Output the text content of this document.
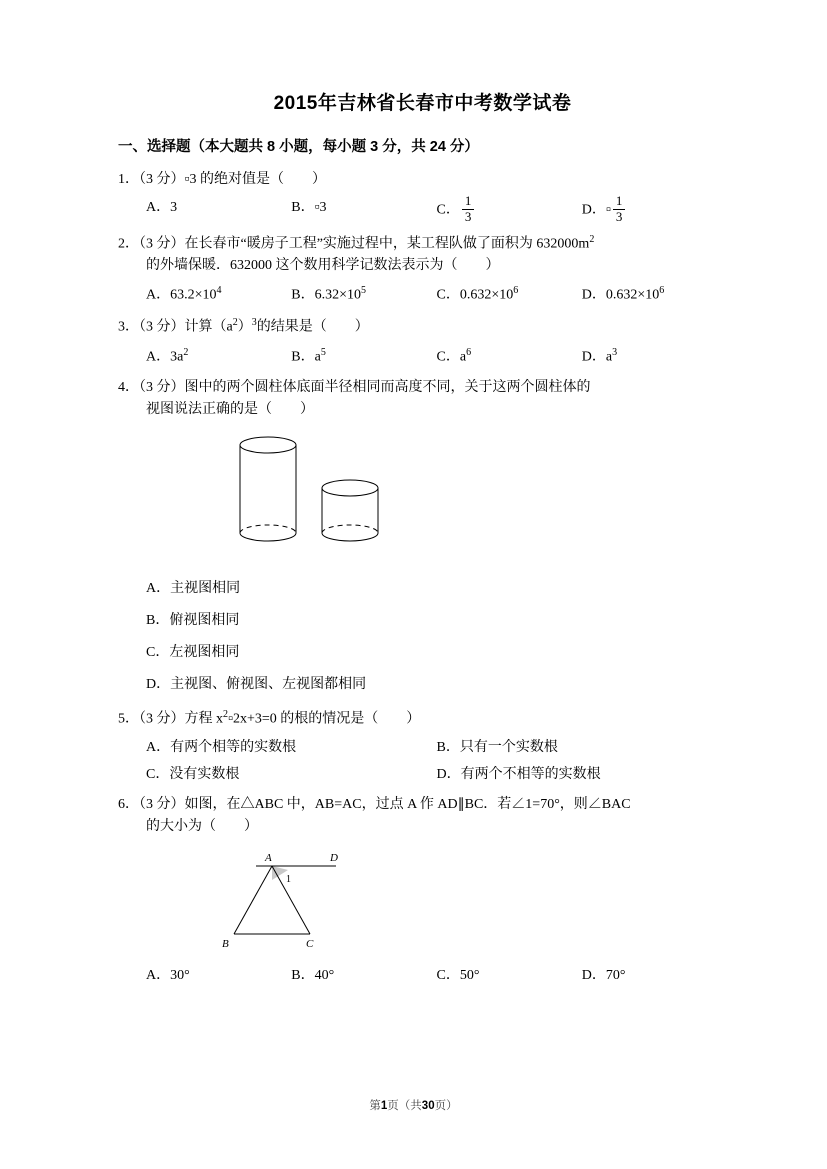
2015年吉林省长春市中考数学试卷
一、选择题（本大题共 8 小题，每小题 3 分，共 24 分）
1．（3 分）▫3 的绝对值是（　　）
A．3	B．▫3	C． $\frac{1}{3}$	D．▫ $\frac{1}{3}$
2．（3 分）在长春市“暖房子工程”实施过程中，某工程队做了面积为 $632000m^2$
的外墙保暖．632000 这个数用科学记数法表示为（　　）
A．$63.2\times 10^4$	B．$6.32\times 10^5$	C．$0.632\times 10^6$	D．$0.632\times 10^6$
3．（3 分）计算$(a^2)^3$的结果是（　　）
A．$3a^2$	B．$a^5$	C．$a^6$	D．$a^3$
4．（3 分）图中的两个圆柱体底面半径相同而高度不同，关于这两个圆柱体的
视图说法正确的是（　　）
A．主视图相同
B．俯视图相同
C．左视图相同
D．主视图、俯视图、左视图都相同
5．（3 分）方程 $x^2▫2x+3=0$ 的根的情况是（　　）
A．有两个相等的实数根	B．只有一个实数根
C．没有实数根	D．有两个不相等的实数根
6．（3 分）如图，在△ABC 中，AB=AC，过点 A 作 AD∥BC．若∠1=70°，则∠BAC
的大小为（　　）
A	D
B	C
1
A．30°	B．40°	C．50°	D．70°
第1页（共30页）
